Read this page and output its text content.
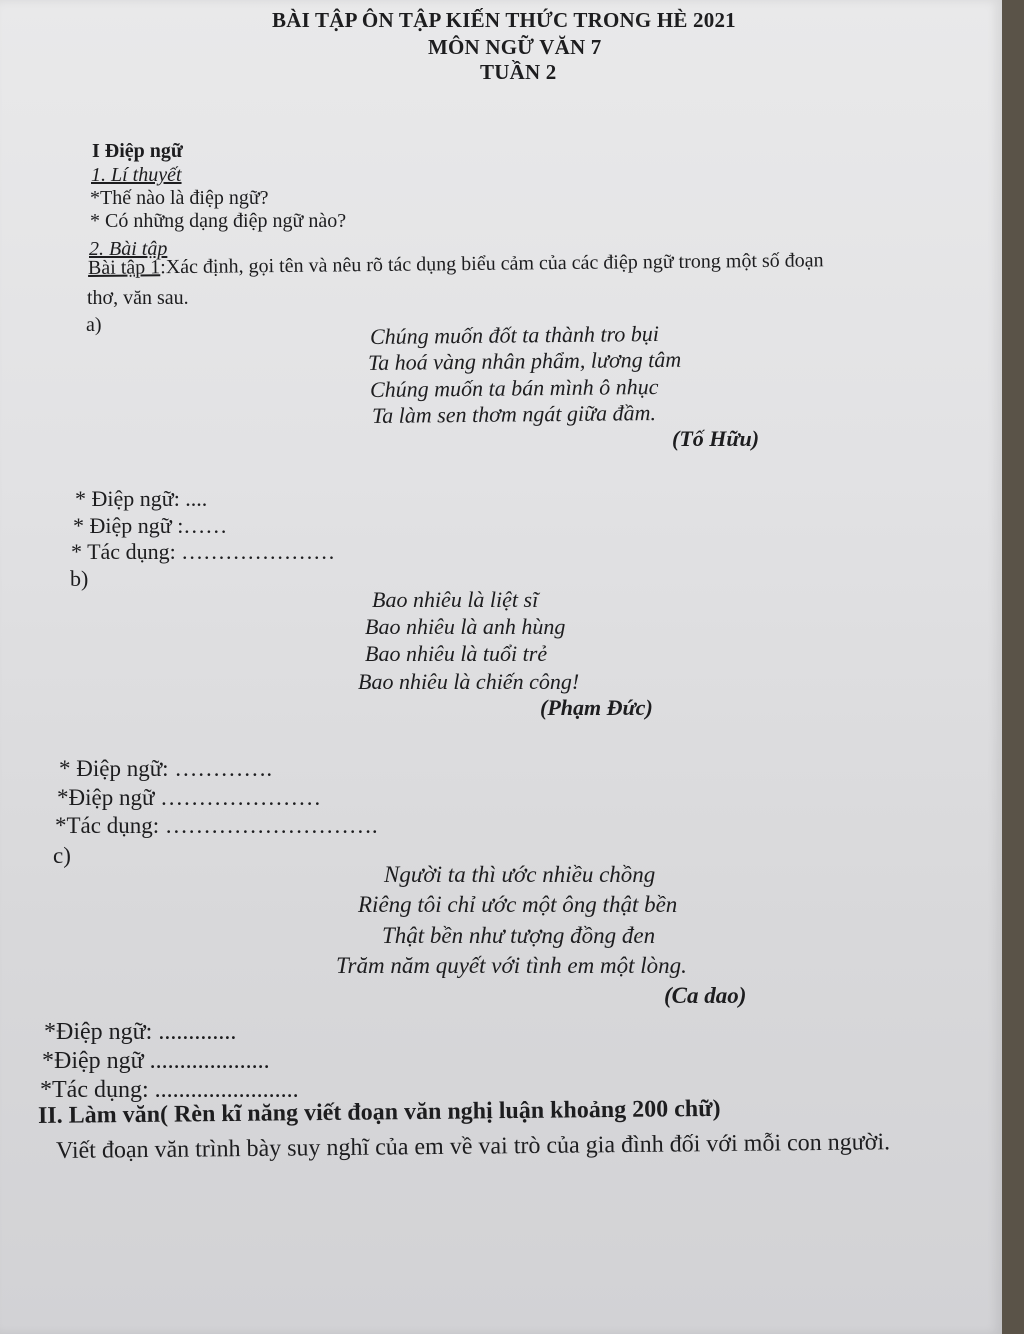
BÀI TẬP ÔN TẬP KIẾN THỨC TRONG HÈ 2021
MÔN NGỮ VĂN 7
TUẦN 2
I Điệp ngữ
1. Lí thuyết
*Thế nào là điệp ngữ?
* Có những dạng điệp ngữ nào?
2. Bài tập
Bài tập 1:Xác định, gọi tên và nêu rõ tác dụng biểu cảm của các điệp ngữ trong một số đoạn
thơ, văn sau.
a)	Chúng muốn đốt ta thành tro bụi
Ta hoá vàng nhân phẩm, lương tâm
Chúng muốn ta bán mình ô nhục
Ta làm sen thơm ngát giữa đầm.
(Tố Hữu)
* Điệp ngữ: ....
* Điệp ngữ :……
* Tác dụng: …………………
b)
Bao nhiêu là liệt sĩ
Bao nhiêu là anh hùng
Bao nhiêu là tuổi trẻ
Bao nhiêu là chiến công!
(Phạm Đức)
* Điệp ngữ: ………….
*Điệp ngữ …………………
*Tác dụng: ……………………….
c)
Người ta thì ước nhiều chồng
Riêng tôi chỉ ước một ông thật bền
Thật bền như tượng đồng đen
Trăm năm quyết với tình em một lòng.
(Ca dao)
*Điệp ngữ: .............
*Điệp ngữ ....................
*Tác dụng: ........................
II. Làm văn( Rèn kĩ năng viết đoạn văn nghị luận khoảng 200 chữ)
Viết đoạn văn trình bày suy nghĩ của em về vai trò của gia đình đối với mỗi con người.
